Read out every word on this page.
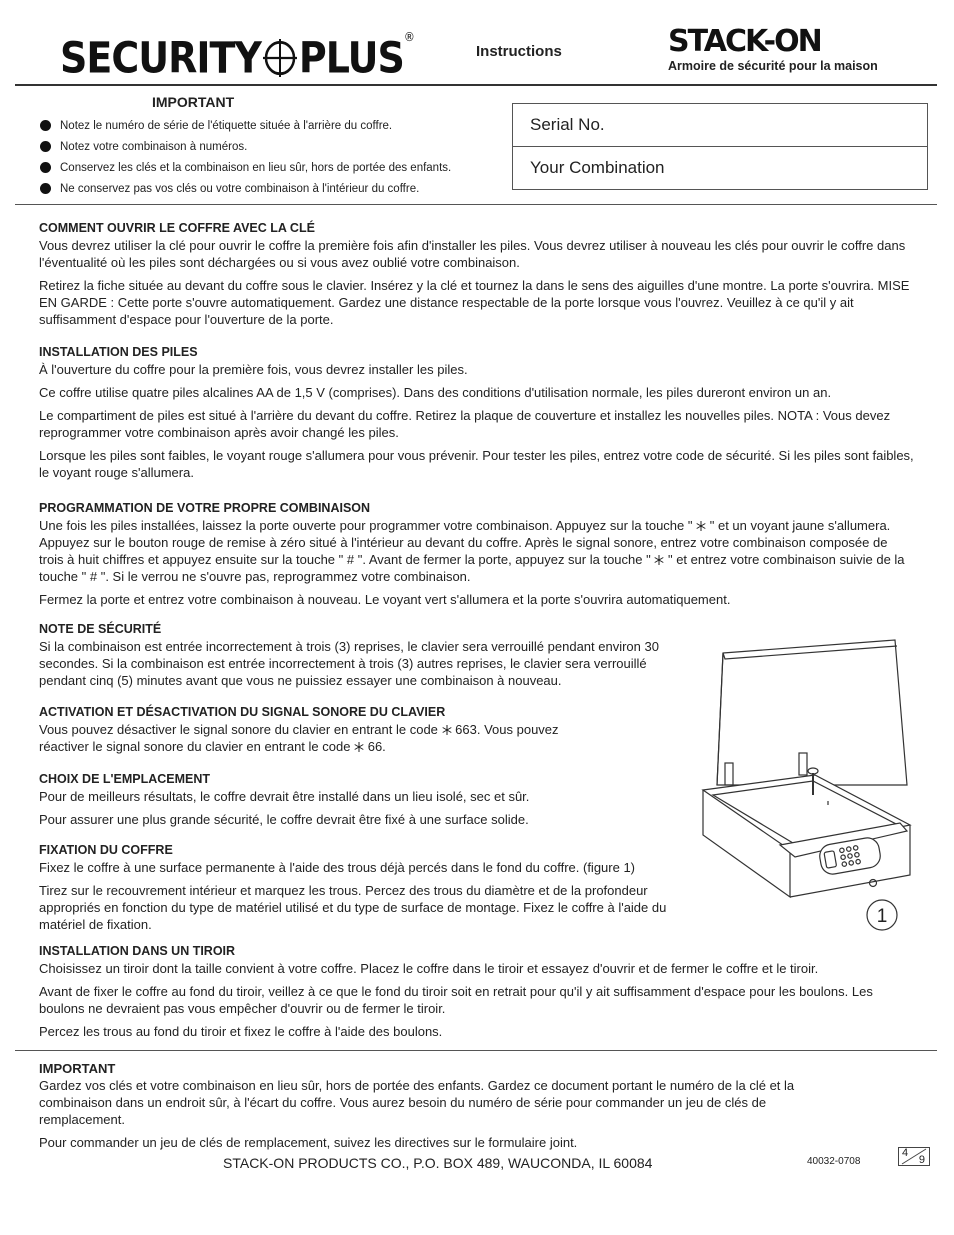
SECURITY PLUS®
Instructions	STACK-ON
Armoire de sécurité pour la maison
IMPORTANT
Notez le numéro de série de l'étiquette située à l'arrière du coffre.
Notez votre combinaison à numéros.
Conservez les clés et la combinaison en lieu sûr, hors de portée des enfants.
Ne conservez pas vos clés ou votre combinaison à l'intérieur du coffre.
Serial No.
Your Combination
COMMENT OUVRIR LE COFFRE AVEC LA CLÉ

Vous devrez utiliser la clé pour ouvrir le coffre la première fois afin d'installer les piles. Vous devrez utiliser à nouveau les clés pour ouvrir le coffre dans l'éventualité où les piles sont déchargées ou si vous avez oublié votre combinaison.

Retirez la fiche située au devant du coffre sous le clavier. Insérez y la clé et tournez la dans le sens des aiguilles d'une montre. La porte s'ouvrira. MISE EN GARDE : Cette porte s'ouvre automatiquement. Gardez une distance respectable de la porte lorsque vous l'ouvrez. Veuillez à ce qu'il y ait suffisamment d'espace pour l'ouverture de la porte.

INSTALLATION DES PILES

À l'ouverture du coffre pour la première fois, vous devrez installer les piles.

Ce coffre utilise quatre piles alcalines AA de 1,5 V (comprises). Dans des conditions d'utilisation normale, les piles dureront environ un an.

Le compartiment de piles est situé à l'arrière du devant du coffre. Retirez la plaque de couverture et installez les nouvelles piles. NOTA : Vous devez reprogrammer votre combinaison après avoir changé les piles.

Lorsque les piles sont faibles, le voyant rouge s'allumera pour vous prévenir. Pour tester les piles, entrez votre code de sécurité. Si les piles sont faibles, le voyant rouge s'allumera.

PROGRAMMATION DE VOTRE PROPRE COMBINAISON

Une fois les piles installées, laissez la porte ouverte pour programmer votre combinaison. Appuyez sur la touche " " et un voyant jaune s'allumera. Appuyez sur le bouton rouge de remise à zéro situé à l'intérieur au devant du coffre. Après le signal sonore, entrez votre combinaison composée de trois à huit chiffres et appuyez ensuite sur la touche " # ". Avant de fermer la porte, appuyez sur la touche " " et entrez votre combinaison suivie de la touche " # ". Si le verrou ne s'ouvre pas, reprogrammez votre combinaison.

Fermez la porte et entrez votre combinaison à nouveau. Le voyant vert s'allumera et la porte s'ouvrira automatiquement.

NOTE DE SÉCURITÉ

Si la combinaison est entrée incorrectement à trois (3) reprises, le clavier sera verrouillé pendant environ 30 secondes. Si la combinaison est entrée incorrectement à trois (3) autres reprises, le clavier sera verrouillé pendant cinq (5) minutes avant que vous ne puissiez essayer une combinaison à nouveau.

ACTIVATION ET DÉSACTIVATION DU SIGNAL SONORE DU CLAVIER

Vous pouvez désactiver le signal sonore du clavier en entrant le code 663. Vous pouvez réactiver le signal sonore du clavier en entrant le code 66.

CHOIX DE L'EMPLACEMENT

Pour de meilleurs résultats, le coffre devrait être installé dans un lieu isolé, sec et sûr.

Pour assurer une plus grande sécurité, le coffre devrait être fixé à une surface solide.

FIXATION DU COFFRE

Fixez le coffre à une surface permanente à l'aide des trous déjà percés dans le fond du coffre. (figure 1)

Tirez sur le recouvrement intérieur et marquez les trous. Percez des trous du diamètre et de la profondeur appropriés en fonction du type de matériel utilisé et du type de surface de montage. Fixez le coffre à l'aide du matériel de fixation.

INSTALLATION DANS UN TIROIR

Choisissez un tiroir dont la taille convient à votre coffre. Placez le coffre dans le tiroir et essayez d'ouvrir et de fermer le coffre et le tiroir.

Avant de fixer le coffre au fond du tiroir, veillez à ce que le fond du tiroir soit en retrait pour qu'il y ait suffisamment d'espace pour les boulons. Les boulons ne devraient pas vous empêcher d'ouvrir ou de fermer le tiroir.

Percez les trous au fond du tiroir et fixez le coffre à l'aide des boulons.

IMPORTANT

Gardez vos clés et votre combinaison en lieu sûr, hors de portée des enfants. Gardez ce document portant le numéro de la clé et la combinaison dans un endroit sûr, à l'écart du coffre. Vous aurez besoin du numéro de série pour commander un jeu de clés de remplacement.

Pour commander un jeu de clés de remplacement, suivez les directives sur le formulaire joint.

1
STACK-ON PRODUCTS CO., P.O. BOX 489, WAUCONDA, IL 60084	40032-0708
4
9
